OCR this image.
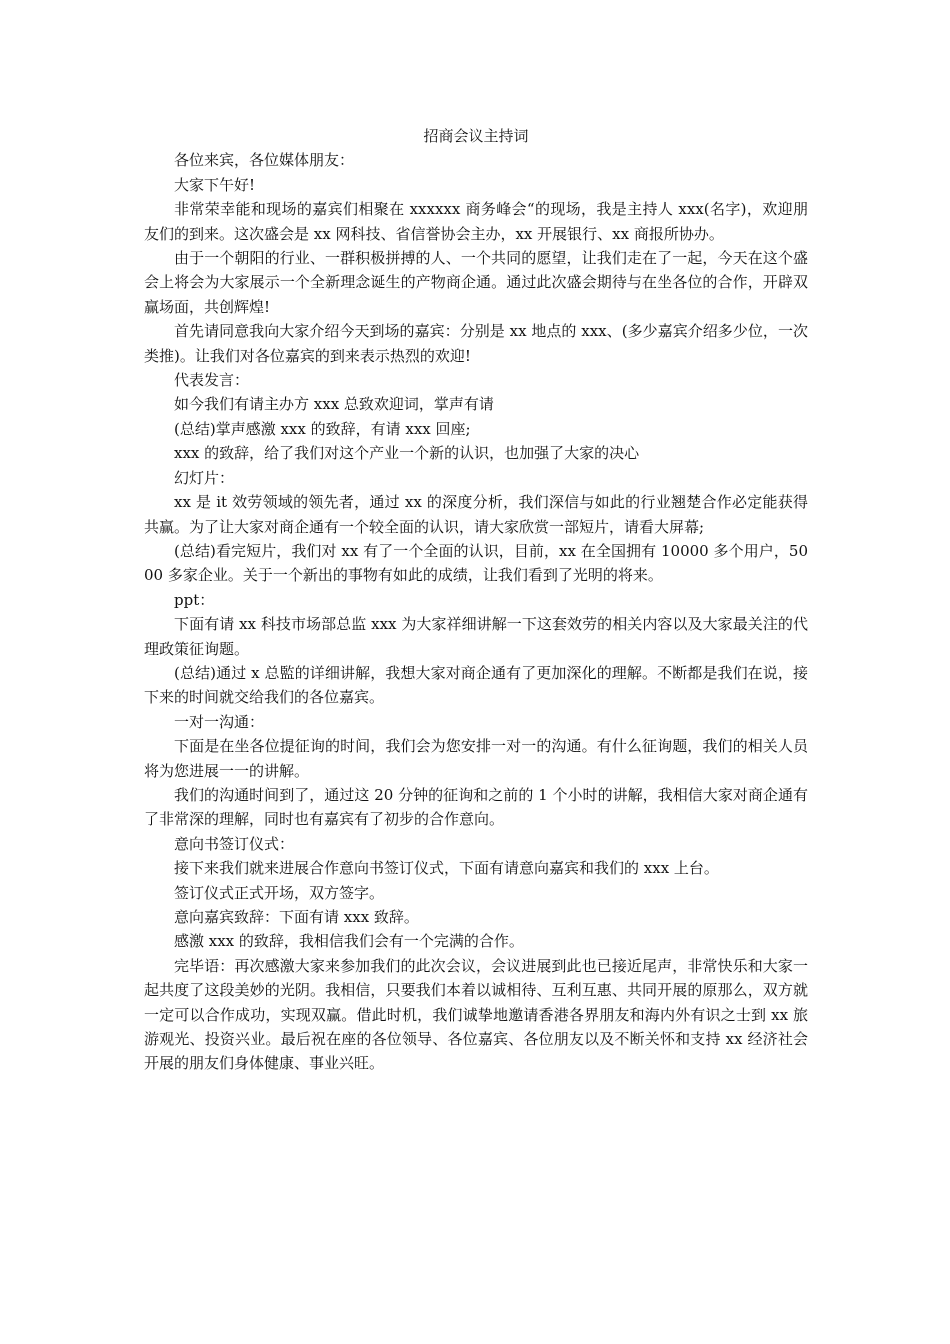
招商会议主持词

各位来宾，各位媒体朋友：

大家下午好!

非常荣幸能和现场的嘉宾们相聚在 xxxxxx 商务峰会“的现场，我是主持人 xxx(名字)，欢迎朋友们的到来。这次盛会是 xx 网科技、省信誉协会主办，xx 开展银行、xx 商报所协办。

由于一个朝阳的行业、一群积极拼搏的人、一个共同的愿望，让我们走在了一起，今天在这个盛会上将会为大家展示一个全新理念诞生的产物商企通。通过此次盛会期待与在坐各位的合作，开辟双赢场面，共创辉煌!

首先请同意我向大家介绍今天到场的嘉宾：分别是 xx 地点的 xxx、(多少嘉宾介绍多少位，一次类推)。让我们对各位嘉宾的到来表示热烈的欢迎!

代表发言：

如今我们有请主办方 xxx 总致欢迎词，掌声有请

(总结)掌声感激 xxx 的致辞，有请 xxx 回座;

xxx 的致辞，给了我们对这个产业一个新的认识，也加强了大家的决心

幻灯片：

xx 是 it 效劳领域的领先者，通过 xx 的深度分析，我们深信与如此的行业翘楚合作必定能获得共赢。为了让大家对商企通有一个较全面的认识，请大家欣赏一部短片，请看大屏幕;

(总结)看完短片，我们对 xx 有了一个全面的认识，目前，xx 在全国拥有 10000 多个用户，5000 多家企业。关于一个新出的事物有如此的成绩，让我们看到了光明的将来。

ppt：

下面有请 xx 科技市场部总监 xxx 为大家祥细讲解一下这套效劳的相关内容以及大家最关注的代理政策征询题。

(总结)通过 x 总監的详细讲解，我想大家对商企通有了更加深化的理解。不断都是我们在说，接下来的时间就交给我们的各位嘉宾。

一对一沟通：

下面是在坐各位提征询的时间，我们会为您安排一对一的沟通。有什么征询题，我们的相关人员将为您进展一一的讲解。

我们的沟通时间到了，通过这 20 分钟的征询和之前的 1 个小时的讲解，我相信大家对商企通有了非常深的理解，同时也有嘉宾有了初步的合作意向。

意向书签订仪式：

接下来我们就来进展合作意向书签订仪式，下面有请意向嘉宾和我们的 xxx 上台。

签订仪式正式开场，双方签字。

意向嘉宾致辞：下面有请 xxx 致辞。

感激 xxx 的致辞，我相信我们会有一个完满的合作。

完毕语：再次感激大家来参加我们的此次会议，会议进展到此也已接近尾声，非常快乐和大家一起共度了这段美妙的光阴。我相信，只要我们本着以诚相待、互利互惠、共同开展的原那么，双方就一定可以合作成功，实现双赢。借此时机，我们诚挚地邀请香港各界朋友和海内外有识之士到 xx 旅游观光、投资兴业。最后祝在座的各位领导、各位嘉宾、各位朋友以及不断关怀和支持 xx 经济社会开展的朋友们身体健康、事业兴旺。
